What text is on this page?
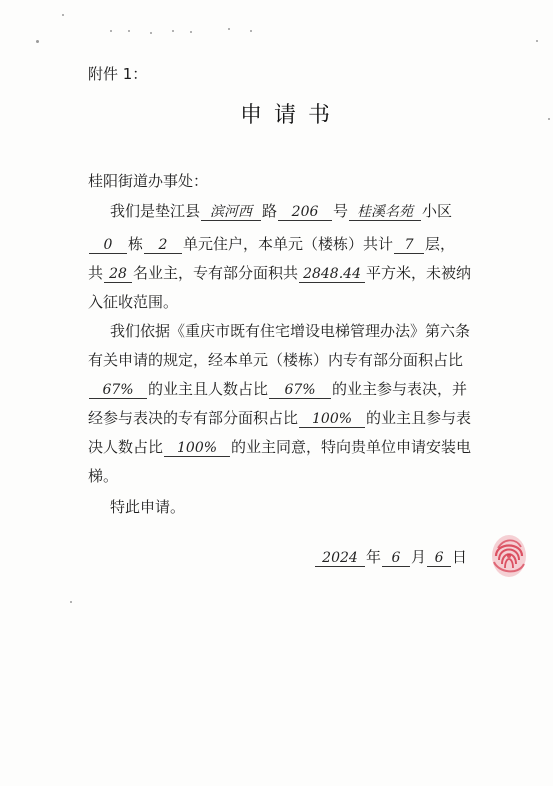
附件 1：
申请书
桂阳街道办事处：
我们是垫江县 滨河西 路 206 号 桂溪名苑 小区
0 栋 2 单元住户，本单元（楼栋）共计 7 层，
共 28 名业主，专有部分面积共 2848.44 平方米，未被纳
入征收范围。
我们依据《重庆市既有住宅增设电梯管理办法》第六条
有关申请的规定，经本单元（楼栋）内专有部分面积占比
67% 的业主且人数占比 67% 的业主参与表决，并
经参与表决的专有部分面积占比 100% 的业主且参与表
决人数占比 100% 的业主同意，特向贵单位申请安装电
梯。
特此申请。
2024 年 6 月 6 日
